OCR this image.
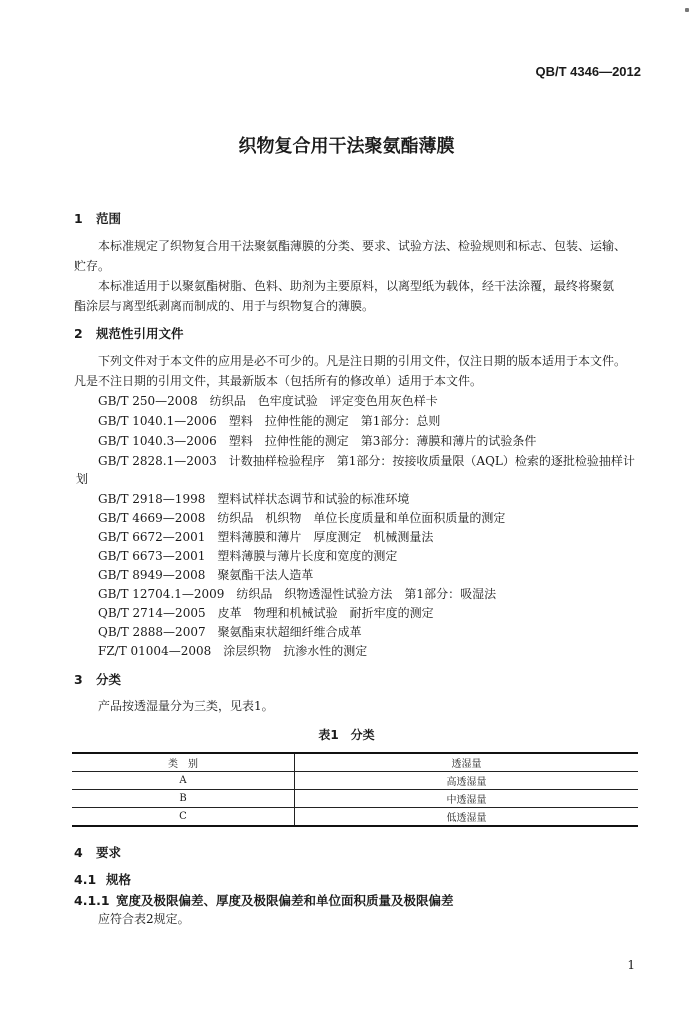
QB/T 4346—2012
织物复合用干法聚氨酯薄膜
1 范围
本标准规定了织物复合用干法聚氨酯薄膜的分类、要求、试验方法、检验规则和标志、包装、运输、
贮存。
本标准适用于以聚氨酯树脂、色料、助剂为主要原料，以离型纸为载体，经干法涂覆，最终将聚氨
酯涂层与离型纸剥离而制成的、用于与织物复合的薄膜。
2 规范性引用文件
下列文件对于本文件的应用是必不可少的。凡是注日期的引用文件，仅注日期的版本适用于本文件。
凡是不注日期的引用文件，其最新版本（包括所有的修改单）适用于本文件。
GB/T 250—2008　纺织品　色牢度试验　评定变色用灰色样卡
GB/T 1040.1—2006　塑料　拉伸性能的测定　第1部分：总则
GB/T 1040.3—2006　塑料　拉伸性能的测定　第3部分：薄膜和薄片的试验条件
GB/T 2828.1—2003　计数抽样检验程序　第1部分：按接收质量限（AQL）检索的逐批检验抽样计
划
GB/T 2918—1998　塑料试样状态调节和试验的标准环境
GB/T 4669—2008　纺织品　机织物　单位长度质量和单位面积质量的测定
GB/T 6672—2001　塑料薄膜和薄片　厚度测定　机械测量法
GB/T 6673—2001　塑料薄膜与薄片长度和宽度的测定
GB/T 8949—2008　聚氨酯干法人造革
GB/T 12704.1—2009　纺织品　织物透湿性试验方法　第1部分：吸湿法
QB/T 2714—2005　皮革　物理和机械试验　耐折牢度的测定
QB/T 2888—2007　聚氨酯束状超细纤维合成革
FZ/T 01004—2008　涂层织物　抗渗水性的测定
3 分类
产品按透湿量分为三类，见表1。
表1　分类
类　别	透湿量
A	高透湿量
B	中透湿量
C	低透湿量
4 要求
4.1 规格
4.1.1 宽度及极限偏差、厚度及极限偏差和单位面积质量及极限偏差
应符合表2规定。
1
